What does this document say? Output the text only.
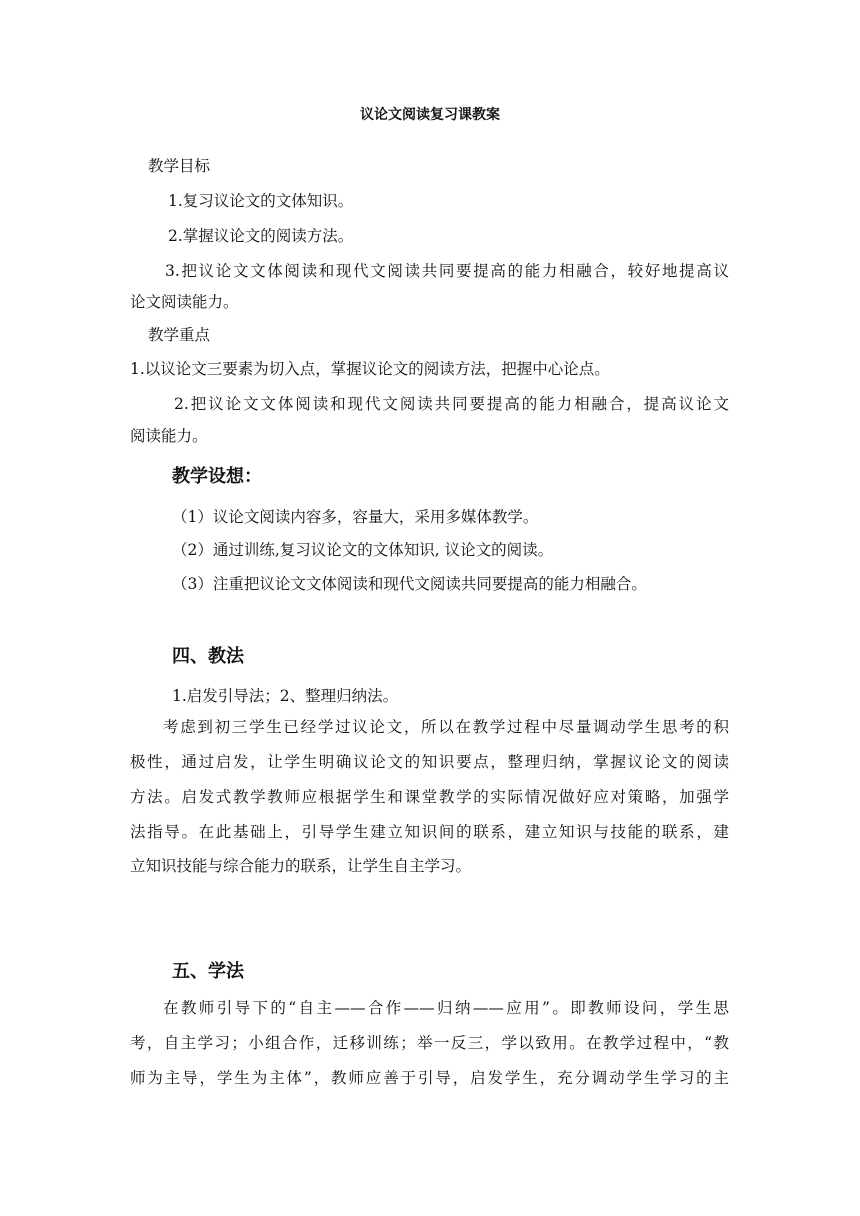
议论文阅读复习课教案
教学目标
1.复习议论文的文体知识。
2.掌握议论文的阅读方法。
3.把议论文文体阅读和现代文阅读共同要提高的能力相融合，较好地提高议
论文阅读能力。
教学重点
1.以议论文三要素为切入点，掌握议论文的阅读方法，把握中心论点。
2.把议论文文体阅读和现代文阅读共同要提高的能力相融合，提高议论文
阅读能力。
教学设想：
（1）议论文阅读内容多，容量大，采用多媒体教学。
（2）通过训练,复习议论文的文体知识, 议论文的阅读。
（3）注重把议论文文体阅读和现代文阅读共同要提高的能力相融合。
四、教法
1.启发引导法；2、整理归纳法。
考虑到初三学生已经学过议论文，所以在教学过程中尽量调动学生思考的积
极性，通过启发，让学生明确议论文的知识要点，整理归纳，掌握议论文的阅读
方法。启发式教学教师应根据学生和课堂教学的实际情况做好应对策略，加强学
法指导。在此基础上，引导学生建立知识间的联系，建立知识与技能的联系，建
立知识技能与综合能力的联系，让学生自主学习。
五、学法
在教师引导下的“自主——合作——归纳——应用”。即教师设问，学生思
考，自主学习；小组合作，迁移训练；举一反三，学以致用。在教学过程中，“教
师为主导，学生为主体”，教师应善于引导，启发学生，充分调动学生学习的主
